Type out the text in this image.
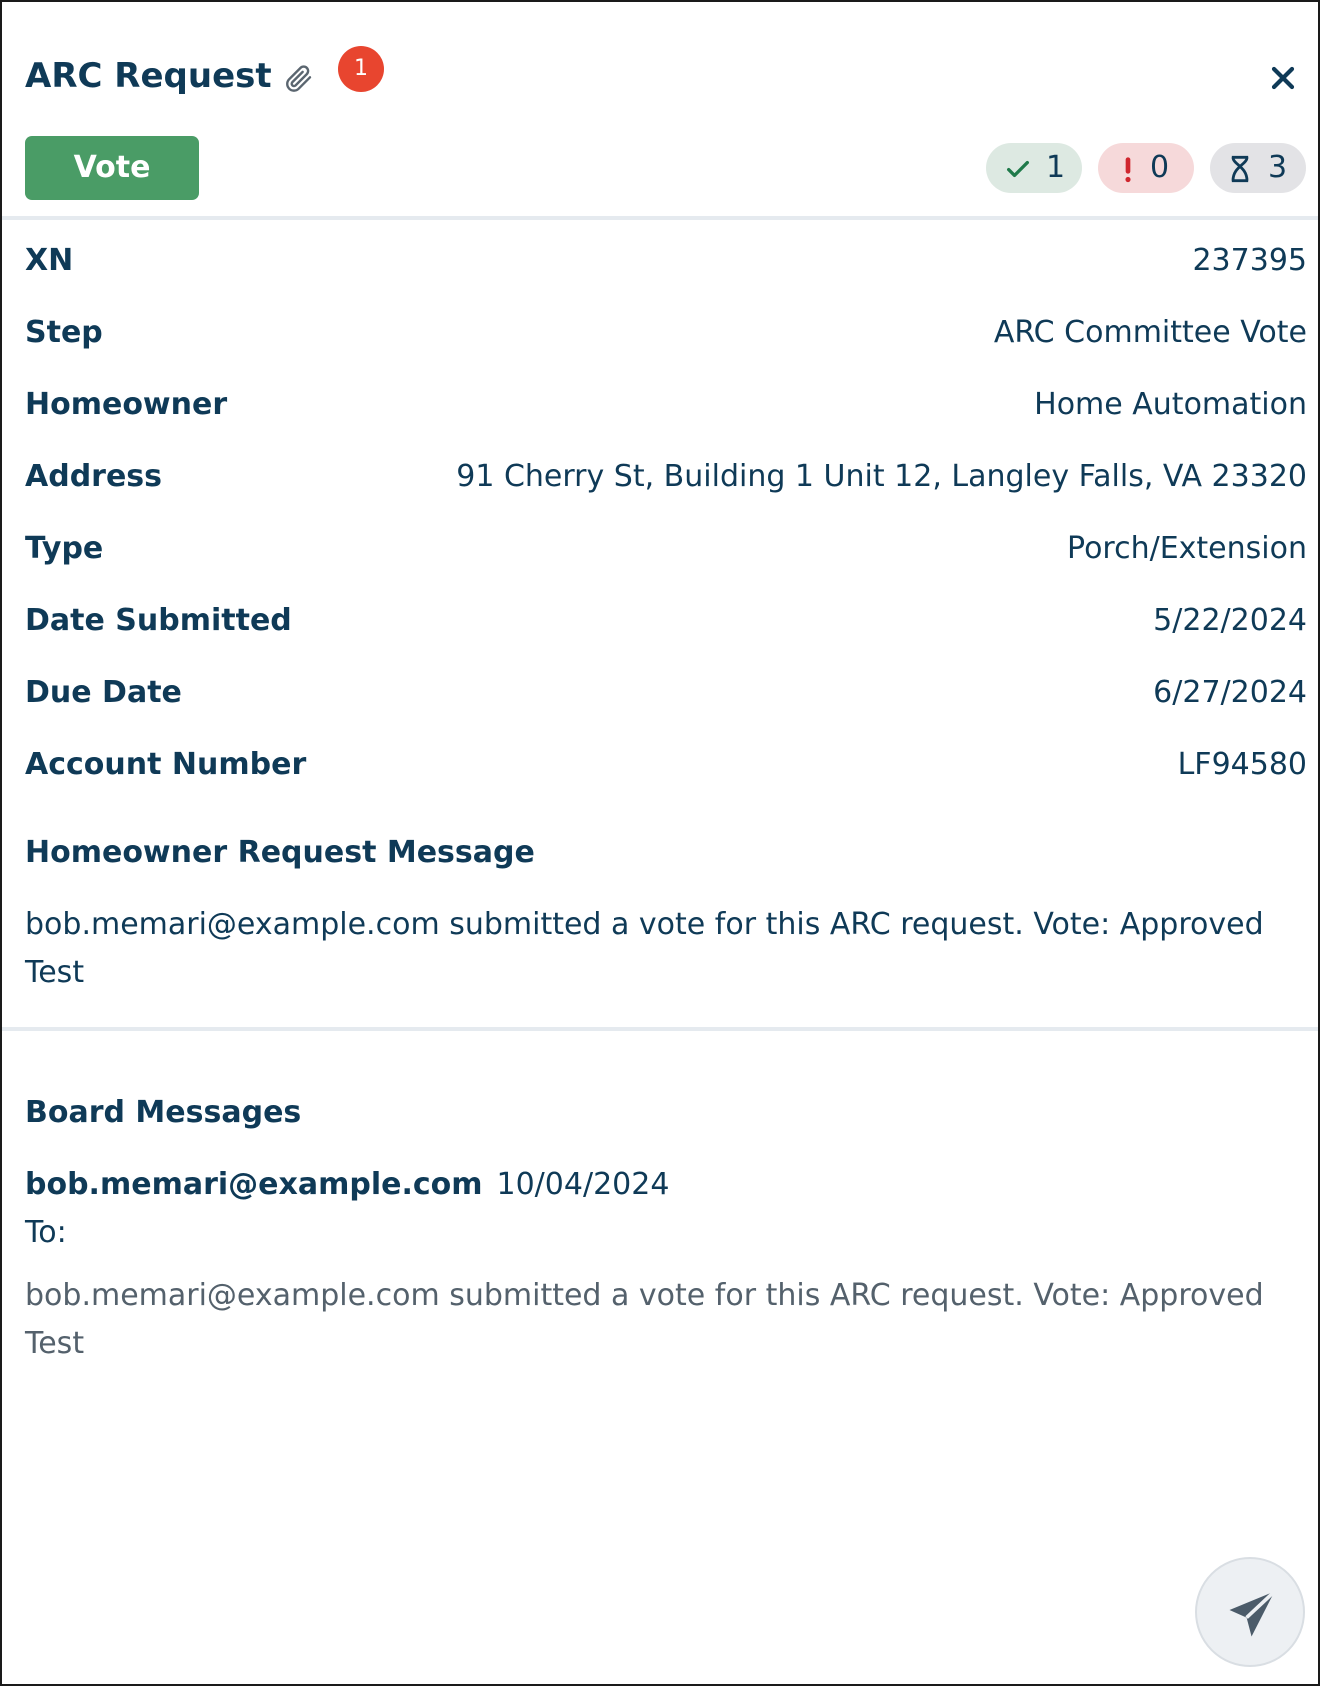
ARC Request	1
Vote	1	0	3
XN	237395
Step	ARC Committee Vote
Homeowner	Home Automation
Address	91 Cherry St, Building 1 Unit 12, Langley Falls, VA 23320
Type	Porch/Extension
Date Submitted	5/22/2024
Due Date	6/27/2024
Account Number	LF94580
Homeowner Request Message
bob.memari@example.com submitted a vote for this ARC request. Vote: Approved Test
Board Messages
bob.memari@example.com 10/04/2024
To:
bob.memari@example.com submitted a vote for this ARC request. Vote: Approved Test
